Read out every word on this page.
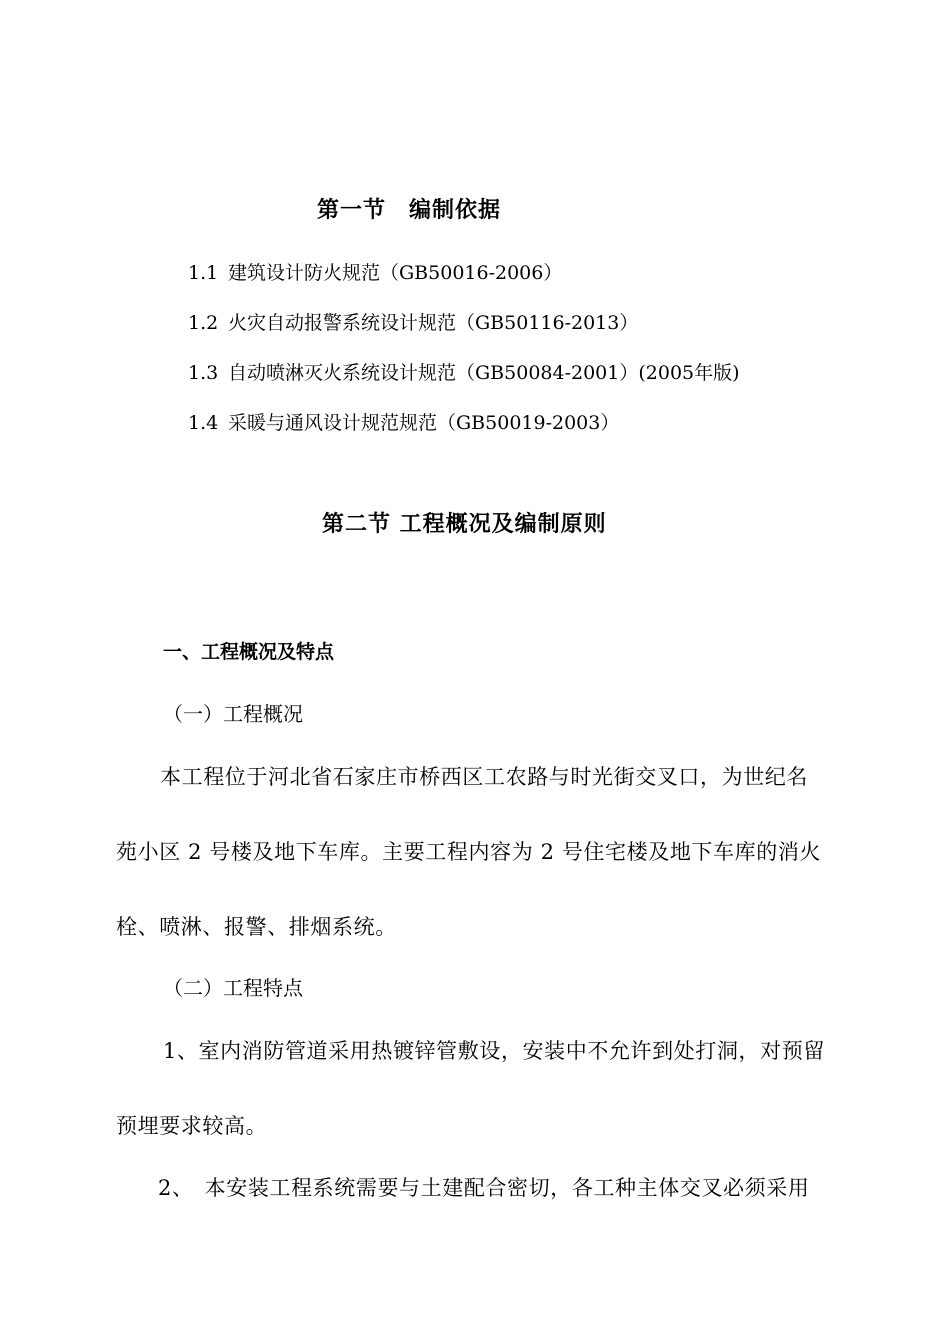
第一节　编制依据
1.1 建筑设计防火规范（GB50016-2006）
1.2 火灾自动报警系统设计规范（GB50116-2013）
1.3 自动喷淋灭火系统设计规范（GB50084-2001）(2005年版)
1.4 采暖与通风设计规范规范（GB50019-2003）
第二节 工程概况及编制原则
一、工程概况及特点
（一）工程概况
本工程位于河北省石家庄市桥西区工农路与时光街交叉口，为世纪名
苑小区 2 号楼及地下车库。主要工程内容为 2 号住宅楼及地下车库的消火
栓、喷淋、报警、排烟系统。
（二）工程特点
1、室内消防管道采用热镀锌管敷设，安装中不允许到处打洞，对预留
预埋要求较高。
2、　本安装工程系统需要与土建配合密切，各工种主体交叉必须采用
